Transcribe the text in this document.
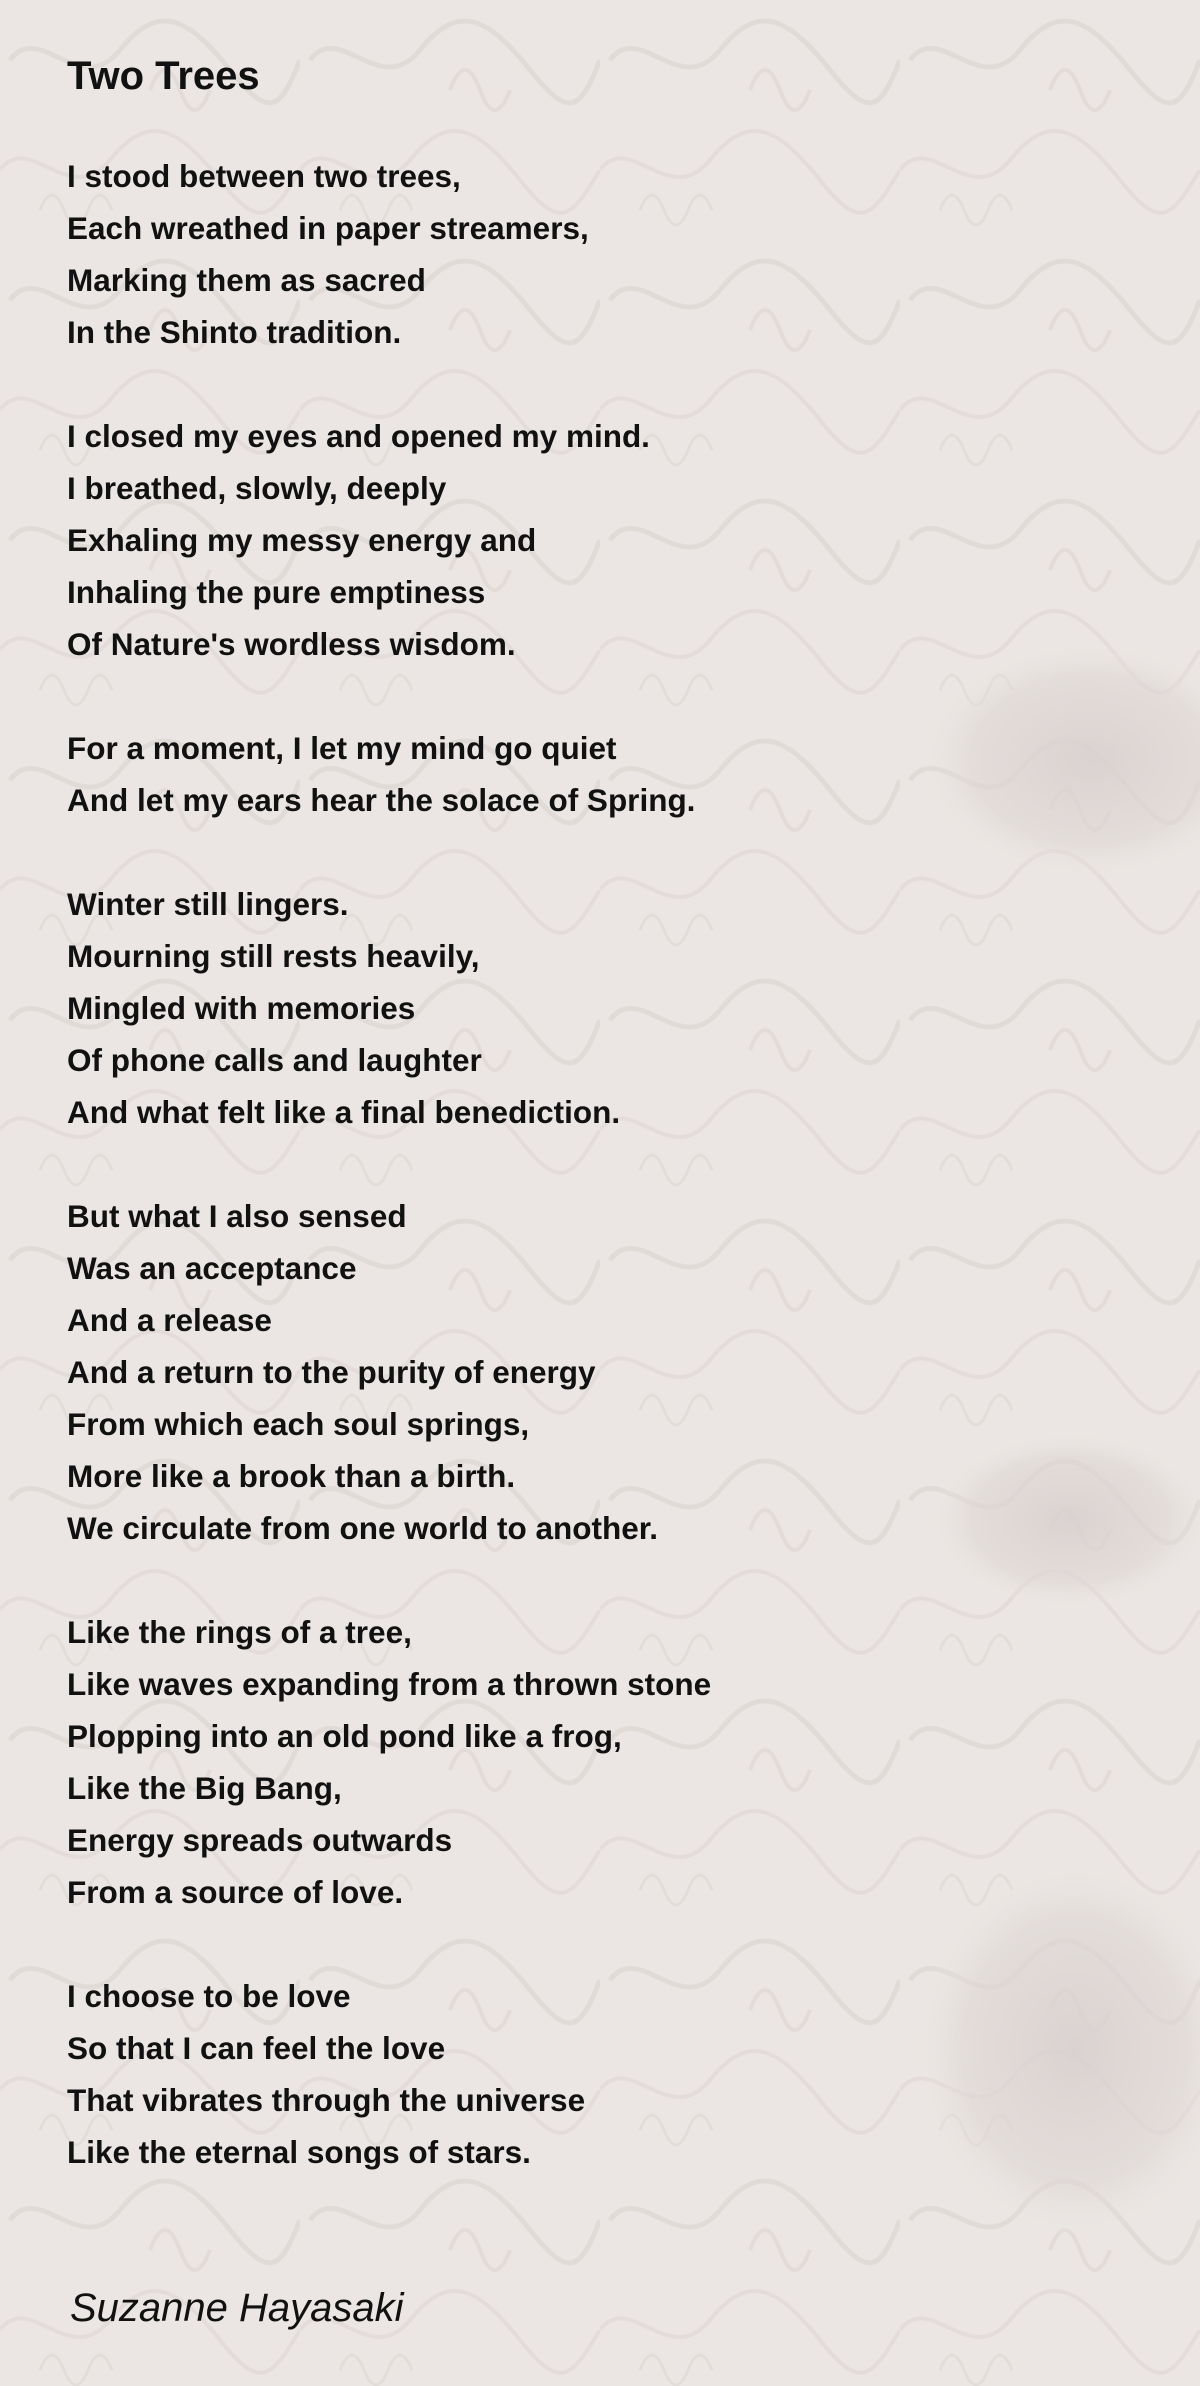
Two Trees
I stood between two trees,
Each wreathed in paper streamers,
Marking them as sacred
In the Shinto tradition.
I closed my eyes and opened my mind.
I breathed, slowly, deeply
Exhaling my messy energy and
Inhaling the pure emptiness
Of Nature's wordless wisdom.
For a moment, I let my mind go quiet
And let my ears hear the solace of Spring.
Winter still lingers.
Mourning still rests heavily,
Mingled with memories
Of phone calls and laughter
And what felt like a final benediction.
But what I also sensed
Was an acceptance
And a release
And a return to the purity of energy
From which each soul springs,
More like a brook than a birth.
We circulate from one world to another.
Like the rings of a tree,
Like waves expanding from a thrown stone
Plopping into an old pond like a frog,
Like the Big Bang,
Energy spreads outwards
From a source of love.
I choose to be love
So that I can feel the love
That vibrates through the universe
Like the eternal songs of stars.
Suzanne Hayasaki
